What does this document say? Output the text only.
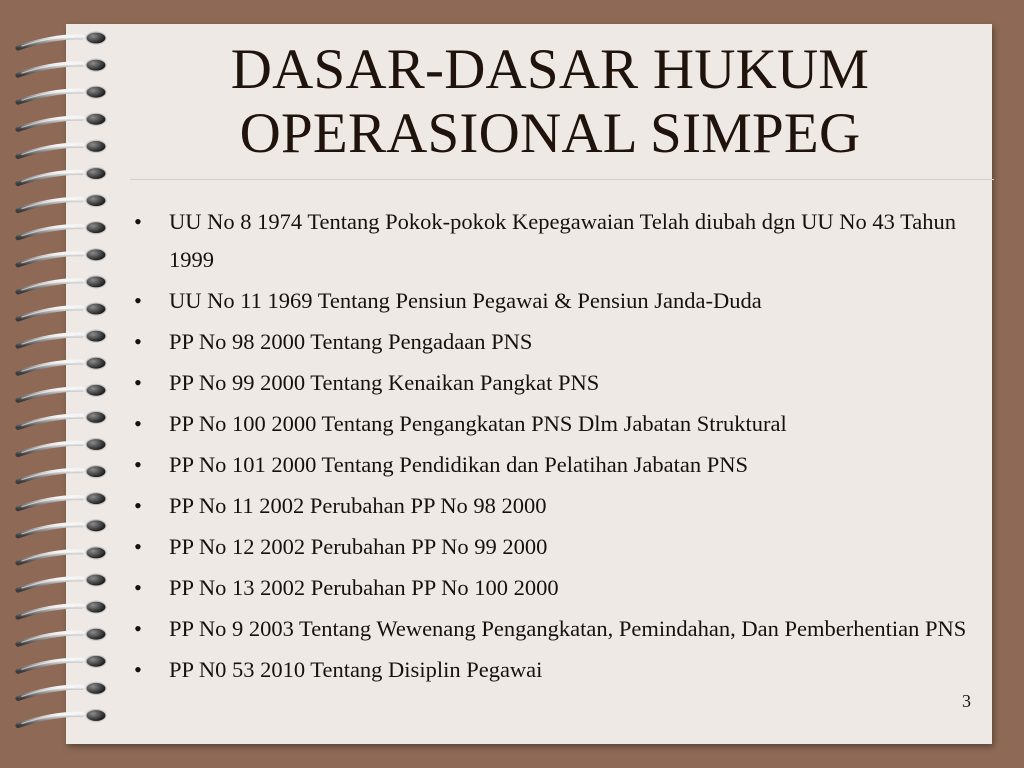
DASAR-DASAR HUKUM
OPERASIONAL SIMPEG
•	UU No 8 1974 Tentang Pokok-pokok Kepegawaian Telah diubah dgn UU No 43 Tahun 1999
•	UU No 11 1969 Tentang Pensiun Pegawai & Pensiun Janda-Duda
•	PP No 98 2000 Tentang Pengadaan PNS
•	PP No 99 2000 Tentang Kenaikan Pangkat PNS
•	PP No 100 2000 Tentang Pengangkatan PNS Dlm Jabatan Struktural
•	PP No 101 2000 Tentang Pendidikan dan Pelatihan Jabatan PNS
•	PP No 11 2002 Perubahan PP No 98 2000
•	PP No 12 2002 Perubahan PP No 99 2000
•	PP No 13 2002 Perubahan PP No 100 2000
•	PP No 9 2003 Tentang Wewenang Pengangkatan, Pemindahan, Dan Pemberhentian PNS
•	PP N0 53 2010 Tentang Disiplin Pegawai
3
